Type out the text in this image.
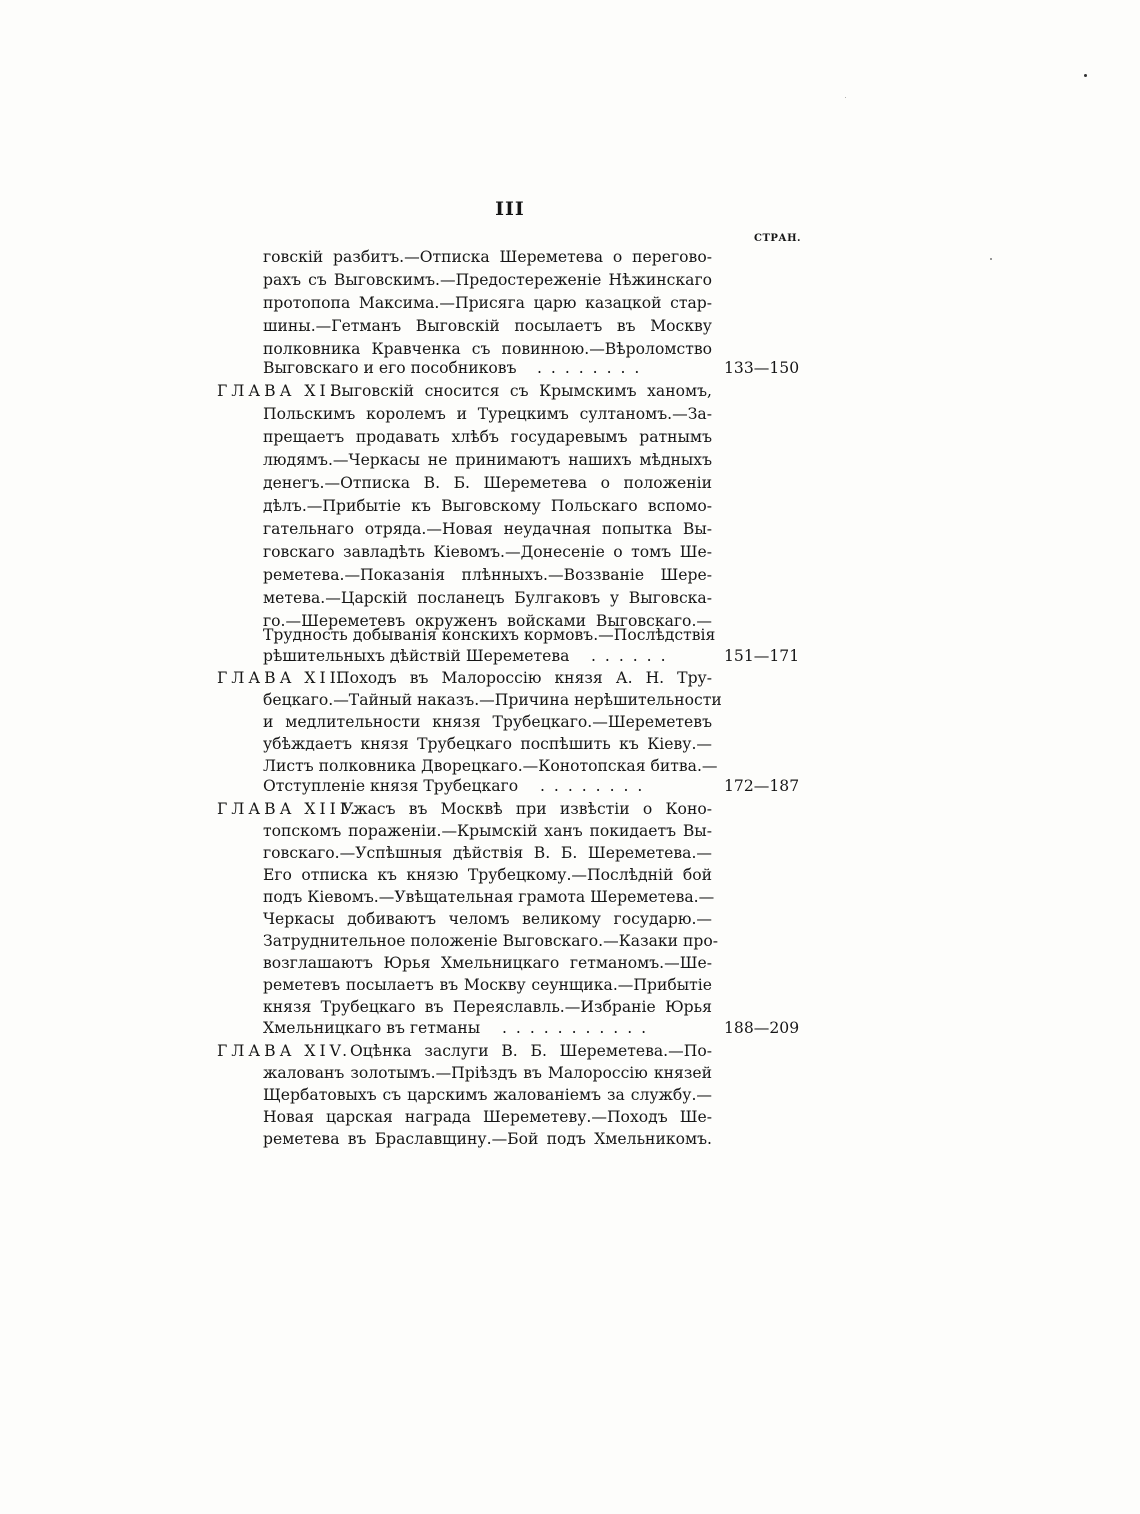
III
СТРАН.
говскій разбитъ.—Отписка Шереметева о перегово-
рахъ съ Выговскимъ.—Предостереженіе Нѣжинскаго
протопопа Максима.—Присяга царю казацкой стар-
шины.—Гетманъ Выговскій посылаетъ въ Москву
полковника Кравченка съ повинною.—Вѣроломство
Выговскаго и его пособниковъ . . . . . . . .	133—150
ГЛАВА XI.
Выговскій сносится съ Крымскимъ ханомъ,
Польскимъ королемъ и Турецкимъ султаномъ.—За-
прещаетъ продавать хлѣбъ государевымъ ратнымъ
людямъ.—Черкасы не принимаютъ нашихъ мѣдныхъ
денегъ.—Отписка В. Б. Шереметева о положеніи
дѣлъ.—Прибытіе къ Выговскому Польскаго вспомо-
гательнаго отряда.—Новая неудачная попытка Вы-
говскаго завладѣть Кіевомъ.—Донесеніе о томъ Ше-
реметева.—Показанія плѣнныхъ.—Воззваніе Шере-
метева.—Царскій посланецъ Булгаковъ у Выговска-
го.—Шереметевъ окруженъ войсками Выговскаго.—
Трудность добыванія конскихъ кормовъ.—Послѣдствія
рѣшительныхъ дѣйствій Шереметева . . . . . .	151—171
ГЛАВА XII.
Походъ въ Малороссію князя А. Н. Тру-
бецкаго.—Тайный наказъ.—Причина нерѣшительности
и медлительности князя Трубецкаго.—Шереметевъ
убѣждаетъ князя Трубецкаго поспѣшить къ Кіеву.—
Листъ полковника Дворецкаго.—Конотопская битва.—
Отступленіе князя Трубецкаго . . . . . . . .	172—187
ГЛАВА XIII.
Ужасъ въ Москвѣ при извѣстіи о Коно-
топскомъ пораженіи.—Крымскій ханъ покидаетъ Вы-
говскаго.—Успѣшныя дѣйствія В. Б. Шереметева.—
Его отписка къ князю Трубецкому.—Послѣдній бой
подъ Кіевомъ.—Увѣщательная грамота Шереметева.—
Черкасы добиваютъ челомъ великому государю.—
Затруднительное положеніе Выговскаго.—Казаки про-
возглашаютъ Юрья Хмельницкаго гетманомъ.—Ше-
реметевъ посылаетъ въ Москву сеунщика.—Прибытіе
князя Трубецкаго въ Переяславль.—Избраніе Юрья
Хмельницкаго въ гетманы . . . . . . . . . . .	188—209
ГЛАВА XIV.
Оцѣнка заслуги В. Б. Шереметева.—По-
жалованъ золотымъ.—Пріѣздъ въ Малороссію князей
Щербатовыхъ съ царскимъ жалованіемъ за службу.—
Новая царская награда Шереметеву.—Походъ Ше-
реметева въ Браславщину.—Бой подъ Хмельникомъ.
